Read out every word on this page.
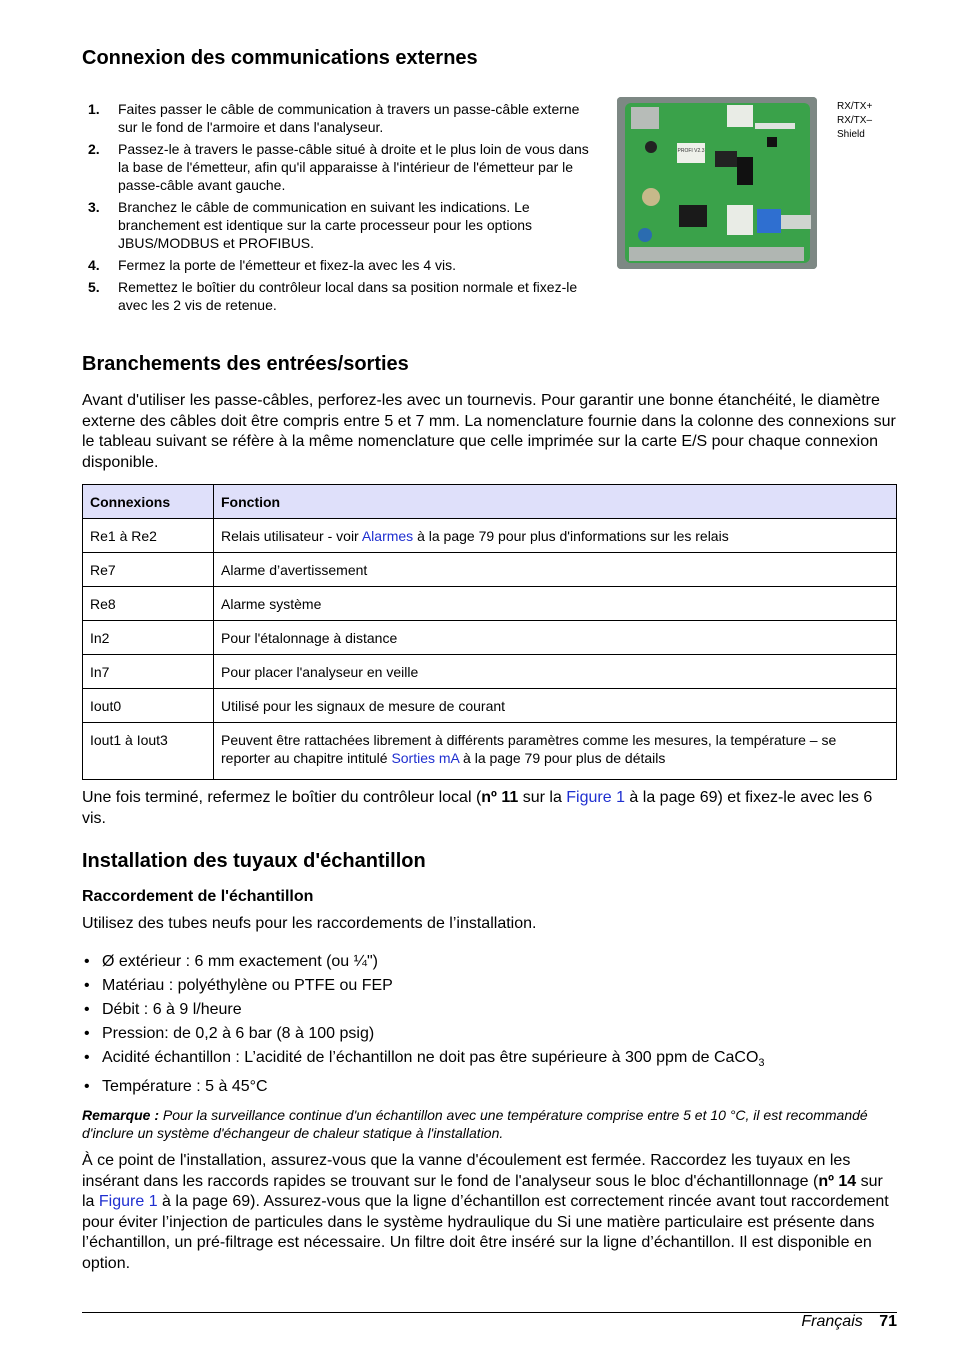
Connexion des communications externes
1. Faites passer le câble de communication à travers un passe-câble externe sur le fond de l'armoire et dans l'analyseur.
2. Passez-le à travers le passe-câble situé à droite et le plus loin de vous dans la base de l'émetteur, afin qu'il apparaisse à l'intérieur de l'émetteur par le passe-câble avant gauche.
3. Branchez le câble de communication en suivant les indications. Le branchement est identique sur la carte processeur pour les options JBUS/MODBUS et PROFIBUS.
4. Fermez la porte de l'émetteur et fixez-la avec les 4 vis.
5. Remettez le boîtier du contrôleur local dans sa position normale et fixez-le avec les 2 vis de retenue.
PROFI V2.3
RX/TX+
RX/TX–
Shield
Branchements des entrées/sorties

Avant d'utiliser les passe-câbles, perforez-les avec un tournevis. Pour garantir une bonne étanchéité, le diamètre externe des câbles doit être compris entre 5 et 7 mm. La nomenclature fournie dans la colonne des connexions sur le tableau suivant se réfère à la même nomenclature que celle imprimée sur la carte E/S pour chaque connexion disponible.

Connexions	Fonction
Re1 à Re2	Relais utilisateur - voir Alarmes à la page 79 pour plus d'informations sur les relais
Re7	Alarme d’avertissement
Re8	Alarme système
In2	Pour l'étalonnage à distance
In7	Pour placer l'analyseur en veille
Iout0	Utilisé pour les signaux de mesure de courant
Iout1 à Iout3	Peuvent être rattachées librement à différents paramètres comme les mesures, la température – se reporter au chapitre intitulé Sorties mA à la page 79 pour plus de détails

Une fois terminé, refermez le boîtier du contrôleur local (nº 11 sur la Figure 1 à la page 69) et fixez-le avec les 6 vis.

Installation des tuyaux d'échantillon
Raccordement de l'échantillon

Utilisez des tubes neufs pour les raccordements de l’installation.

• Ø extérieur : 6 mm exactement (ou ¼")
• Matériau : polyéthylène ou PTFE ou FEP
• Débit : 6 à 9 l/heure
• Pression: de 0,2 à 6 bar (8 à 100 psig)
• Acidité échantillon : L’acidité de l’échantillon ne doit pas être supérieure à 300 ppm de CaCO$_3$
• Température : 5 à 45°C
Remarque : Pour la surveillance continue d'un échantillon avec une température comprise entre 5 et 10 °C, il est recommandé d'inclure un système d'échangeur de chaleur statique à l'installation.

À ce point de l'installation, assurez-vous que la vanne d'écoulement est fermée. Raccordez les tuyaux en les insérant dans les raccords rapides se trouvant sur le fond de l'analyseur sous le bloc d'échantillonnage (nº 14 sur la Figure 1 à la page 69). Assurez-vous que la ligne d’échantillon est correctement rincée avant tout raccordement pour éviter l’injection de particules dans le système hydraulique du Si une matière particulaire est présente dans l’échantillon, un pré-filtrage est nécessaire. Un filtre doit être inséré sur la ligne d’échantillon. Il est disponible en option.

Français 71
